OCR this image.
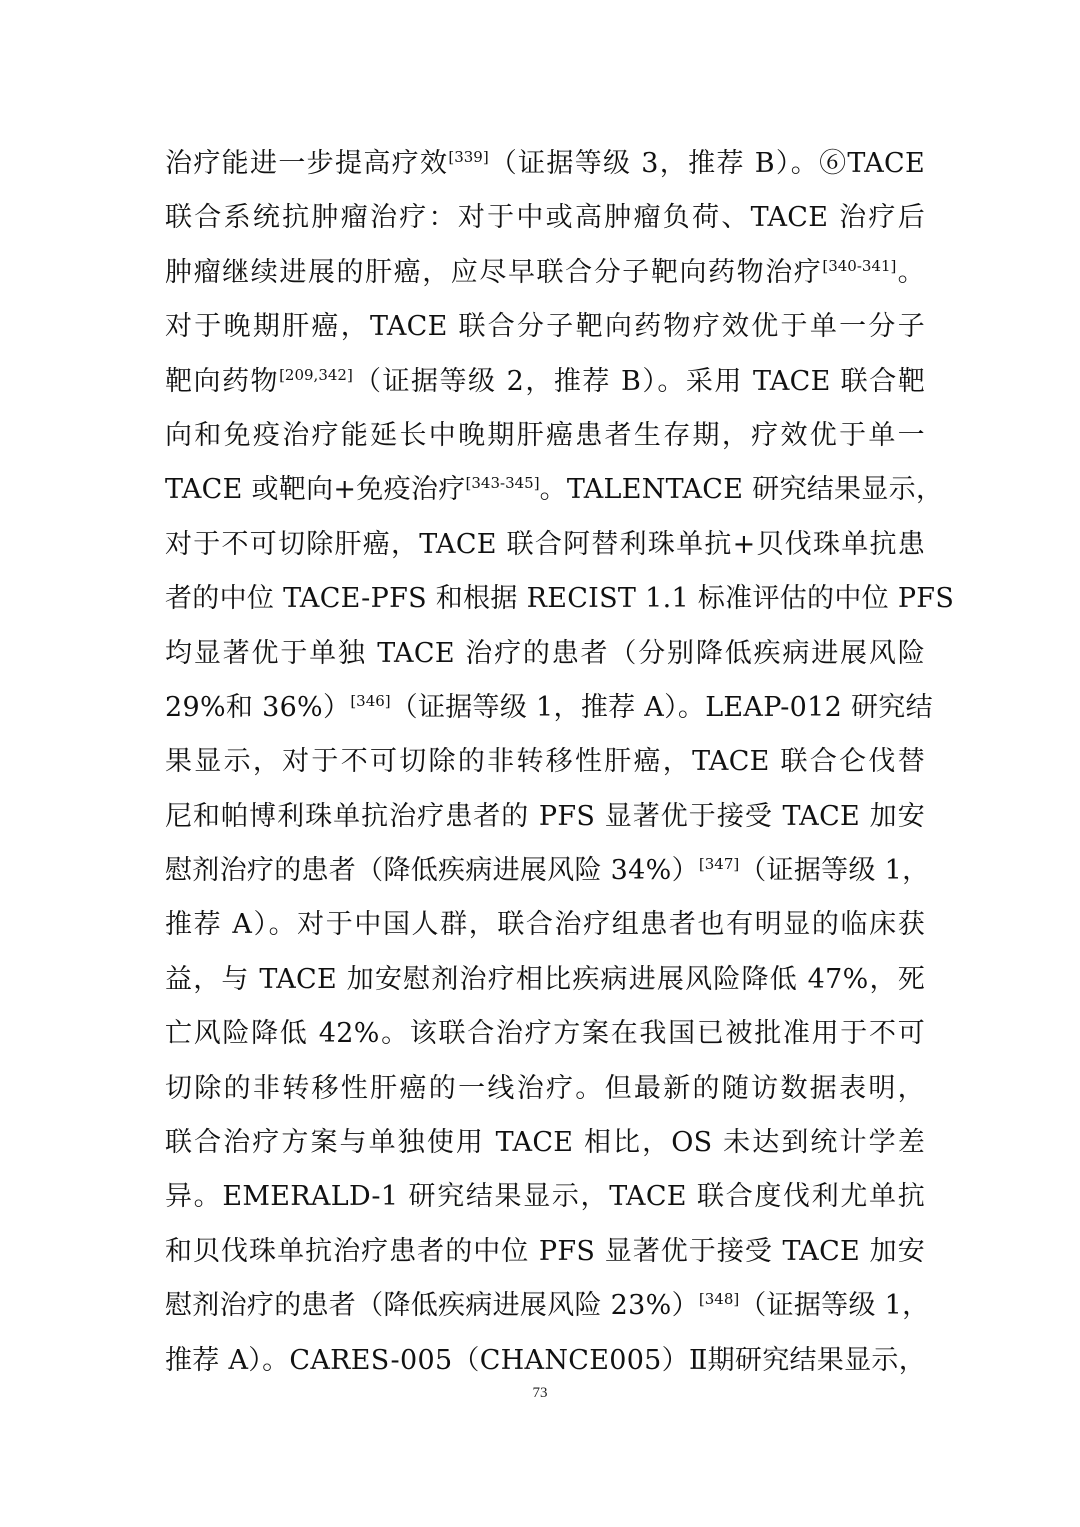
治疗能进一步提高疗效[339]（证据等级 3，推荐 B）。⑥TACE
联合系统抗肿瘤治疗：对于中或高肿瘤负荷、TACE 治疗后
肿瘤继续进展的肝癌，应尽早联合分子靶向药物治疗[340-341]。
对于晚期肝癌，TACE 联合分子靶向药物疗效优于单一分子
靶向药物[209,342]（证据等级 2，推荐 B）。采用 TACE 联合靶
向和免疫治疗能延长中晚期肝癌患者生存期，疗效优于单一
TACE 或靶向+免疫治疗[343-345]。TALENTACE 研究结果显示，
对于不可切除肝癌，TACE 联合阿替利珠单抗+贝伐珠单抗患
者的中位 TACE-PFS 和根据 RECIST 1.1 标准评估的中位 PFS
均显著优于单独 TACE 治疗的患者（分别降低疾病进展风险
29%和 36%）[346]（证据等级 1，推荐 A）。LEAP-012 研究结
果显示，对于不可切除的非转移性肝癌，TACE 联合仑伐替
尼和帕博利珠单抗治疗患者的 PFS 显著优于接受 TACE 加安
慰剂治疗的患者（降低疾病进展风险 34%）[347]（证据等级 1，
推荐 A）。对于中国人群，联合治疗组患者也有明显的临床获
益，与 TACE 加安慰剂治疗相比疾病进展风险降低 47%，死
亡风险降低 42%。该联合治疗方案在我国已被批准用于不可
切除的非转移性肝癌的一线治疗。但最新的随访数据表明，
联合治疗方案与单独使用 TACE 相比，OS 未达到统计学差
异。EMERALD-1 研究结果显示，TACE 联合度伐利尤单抗
和贝伐珠单抗治疗患者的中位 PFS 显著优于接受 TACE 加安
慰剂治疗的患者（降低疾病进展风险 23%）[348]（证据等级 1，
推荐 A）。CARES-005（CHANCE005）Ⅱ期研究结果显示，
73
